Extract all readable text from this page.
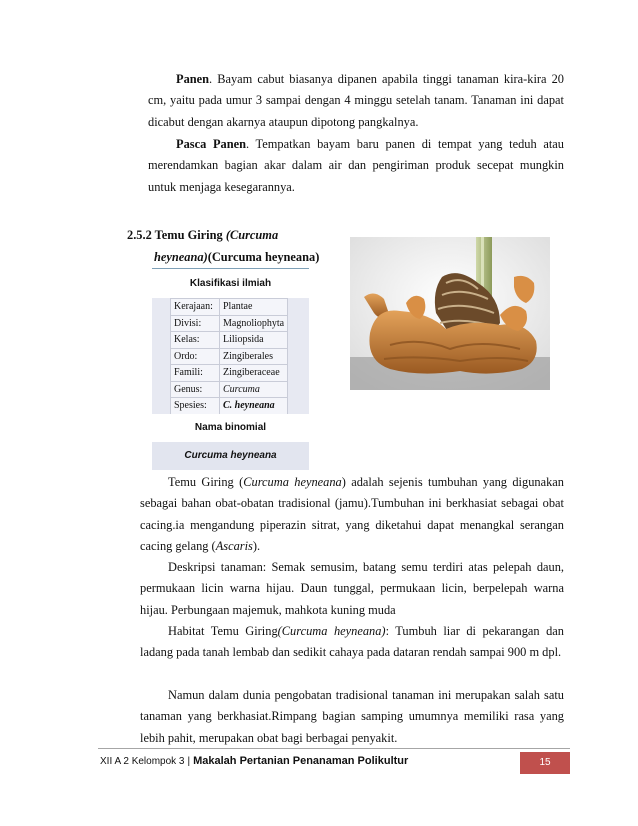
Panen. Bayam cabut biasanya dipanen apabila tinggi tanaman kira-kira 20 cm, yaitu pada umur 3 sampai dengan 4 minggu setelah tanam. Tanaman ini dapat dicabut dengan akarnya ataupun dipotong pangkalnya.

Pasca Panen. Tempatkan bayam baru panen di tempat yang teduh atau merendamkan bagian akar dalam air dan pengiriman produk secepat mungkin untuk menjaga kesegarannya.

2.5.2 Temu Giring (Curcuma
heyneana)(Curcuma heyneana)

Klasifikasi ilmiah
Kerajaan:	Plantae
Divisi:	Magnoliophyta
Kelas:	Liliopsida
Ordo:	Zingiberales
Famili:	Zingiberaceae
Genus:	Curcuma
Spesies:	C. heyneana
Nama binomial
Curcuma heyneana

Temu Giring (Curcuma heyneana) adalah sejenis tumbuhan yang digunakan sebagai bahan obat-obatan tradisional (jamu).Tumbuhan ini berkhasiat sebagai obat cacing.ia mengandung piperazin sitrat, yang diketahui dapat menangkal serangan cacing gelang (Ascaris).

Deskripsi tanaman: Semak semusim, batang semu terdiri atas pelepah daun, permukaan licin warna hijau. Daun tunggal, permukaan licin, berpelepah warna hijau. Perbungaan majemuk, mahkota kuning muda

Habitat Temu Giring(Curcuma heyneana): Tumbuh liar di pekarangan dan ladang pada tanah lembab dan sedikit cahaya pada dataran rendah sampai 900 m dpl.

Namun dalam dunia pengobatan tradisional tanaman ini merupakan salah satu tanaman yang berkhasiat.Rimpang bagian samping umumnya memiliki rasa yang lebih pahit, merupakan obat bagi berbagai penyakit.

XII A 2 Kelompok 3 | Makalah Pertanian Penanaman Polikultur	15
